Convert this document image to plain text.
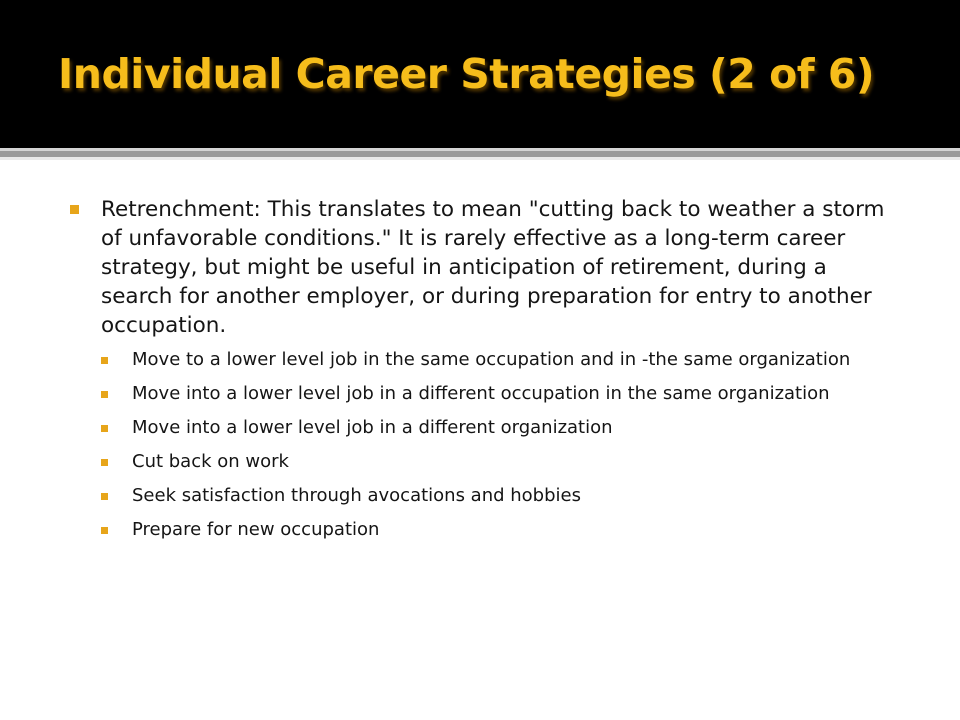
Individual Career Strategies (2 of 6)
Retrenchment: This translates to mean "cutting back to weather a storm of unfavorable conditions." It is rarely effective as a long-term career strategy, but might be useful in anticipation of retirement, during a search for another employer, or during preparation for entry to another occupation.
Move to a lower level job in the same occupation and in -the same organization
Move into a lower level job in a different occupation in the same organization
Move into a lower level job in a different organization
Cut back on work
Seek satisfaction through avocations and hobbies
Prepare for new occupation
